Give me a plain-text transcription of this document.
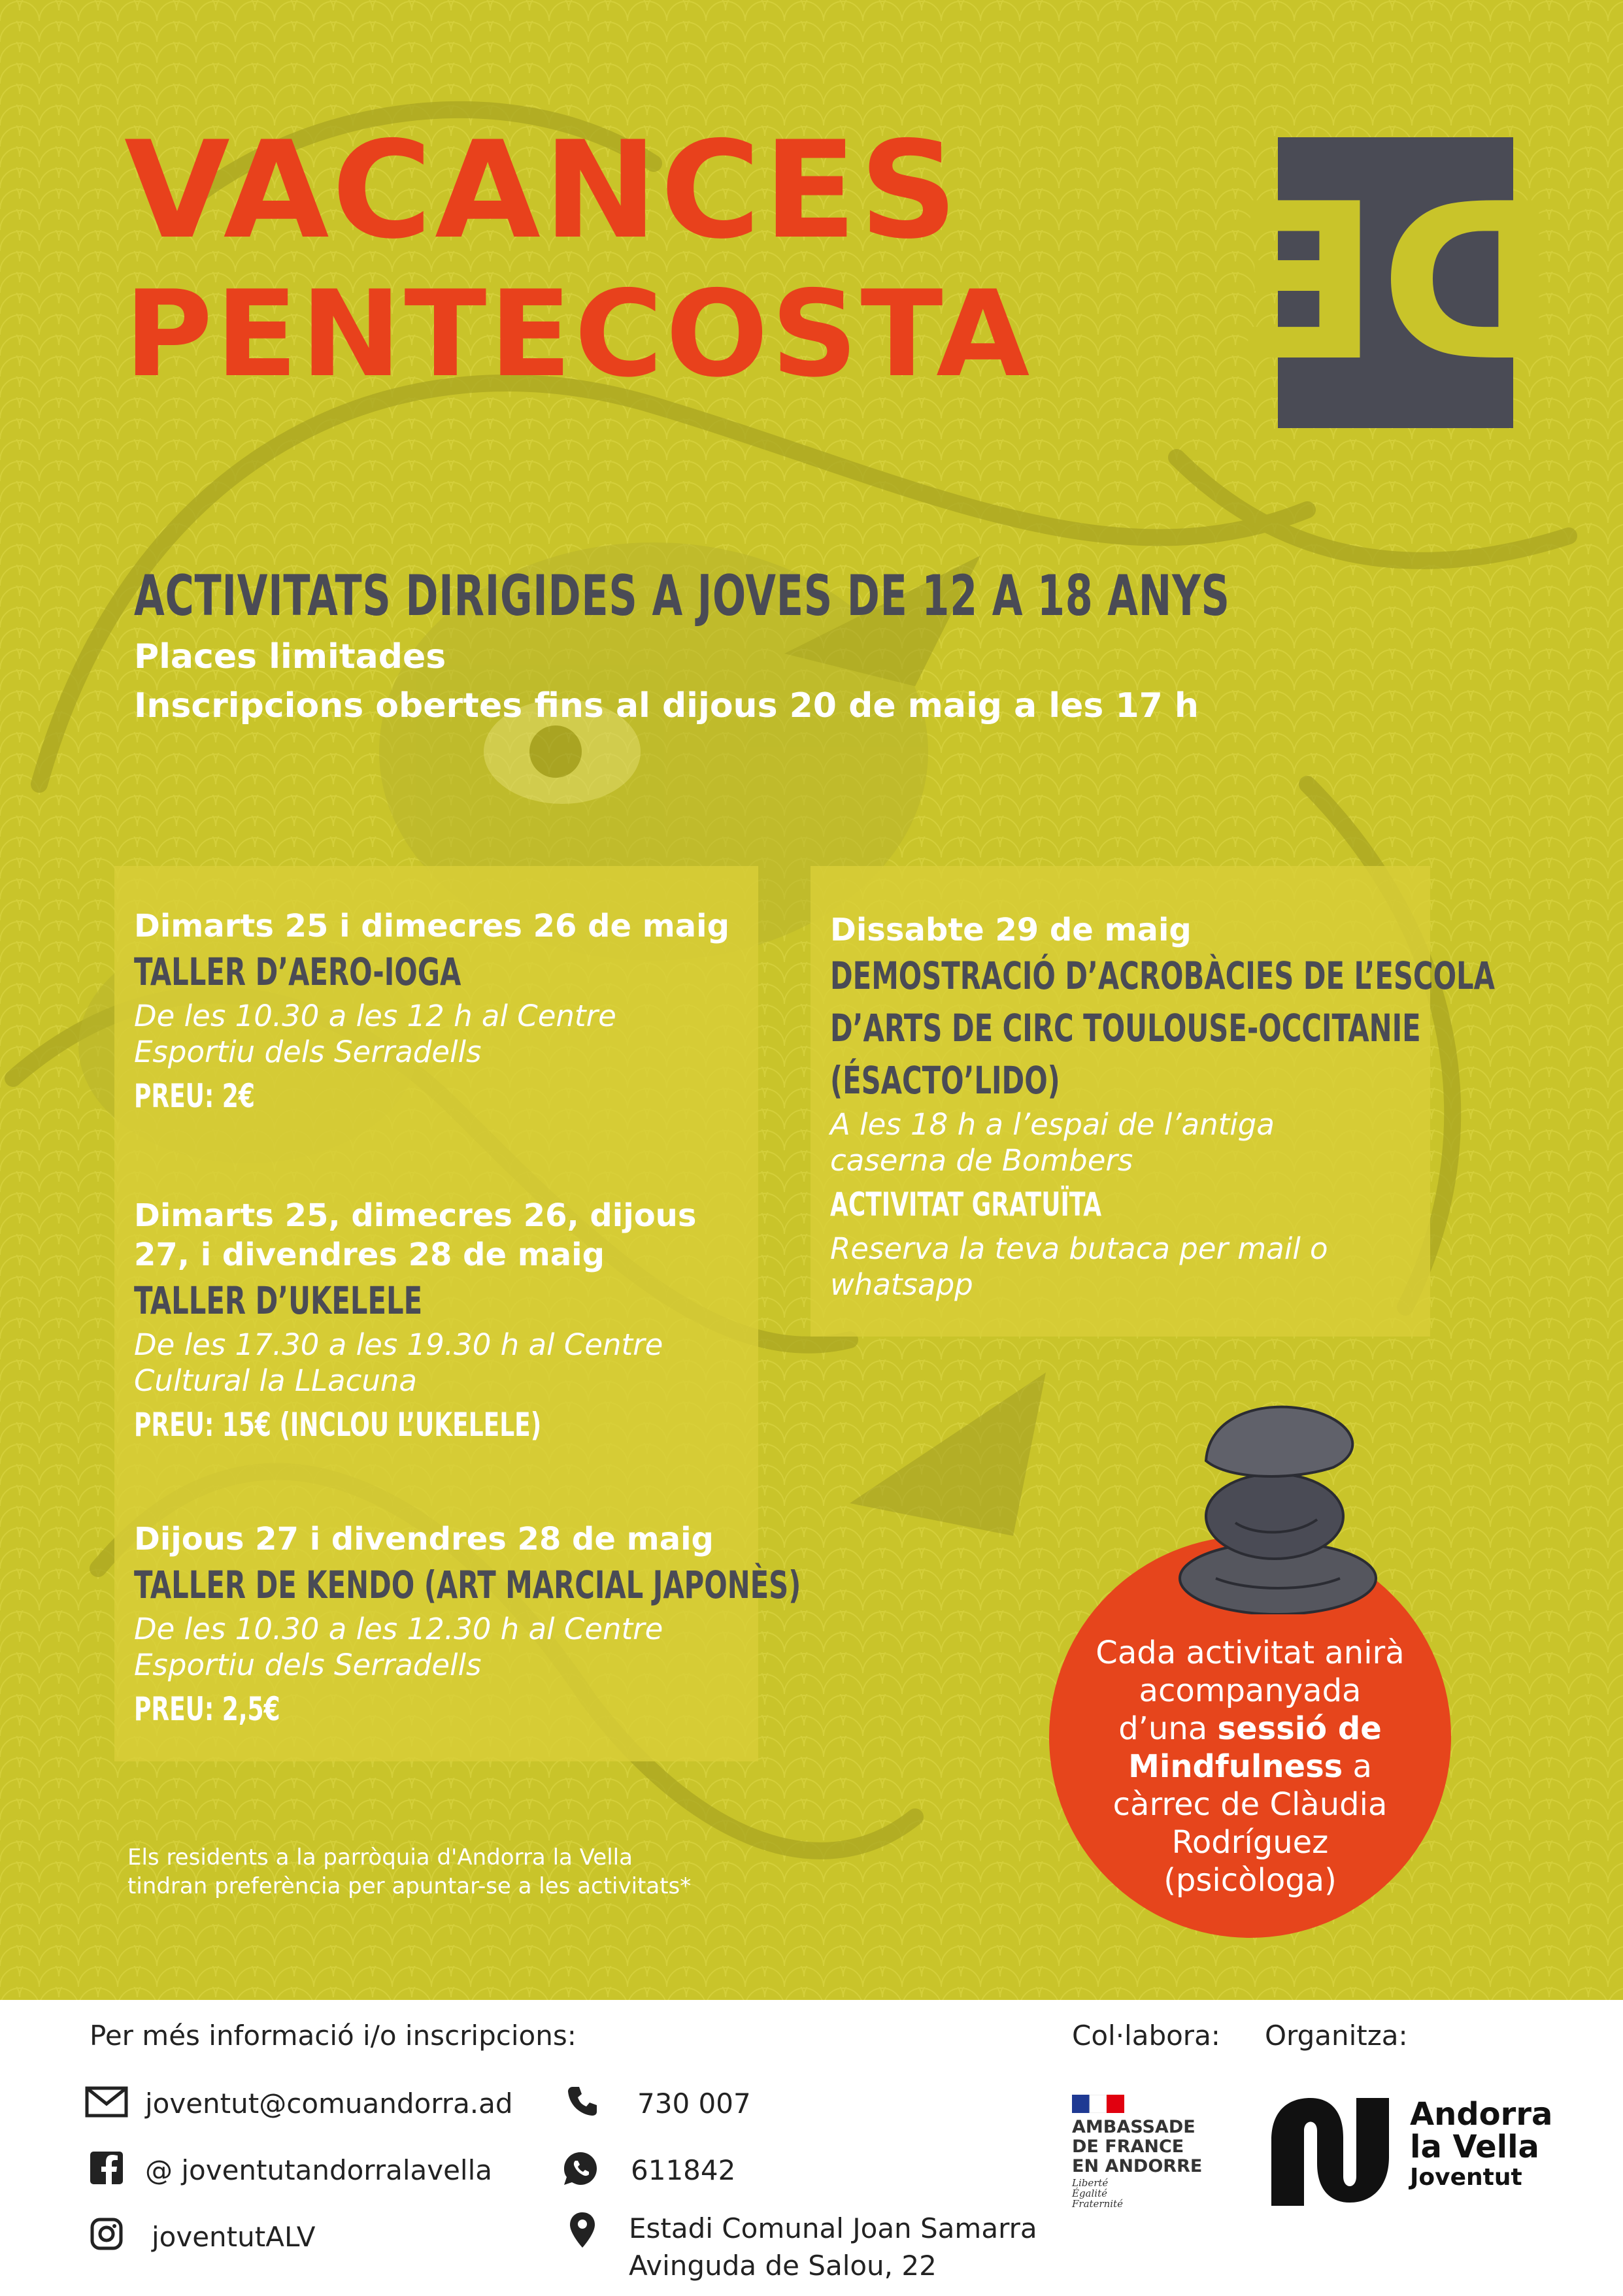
VACANCES
PENTECOSTA DE
ACTIVITATS DIRIGIDES A JOVES DE 12 A 18 ANYS
Places limitades
Inscripcions obertes fins al dijous 20 de maig a les 17 h
Dimarts 25 i dimecres 26 de maig
TALLER D’AERO-IOGA
De les 10.30 a les 12 h al Centre Esportiu dels Serradells
PREU: 2€
Dimarts 25, dimecres 26, dijous 27, i divendres 28 de maig
TALLER D’UKELELE
De les 17.30 a les 19.30 h al Centre Cultural la LLacuna
PREU: 15€ (INCLOU L’UKELELE)
Dijous 27 i divendres 28 de maig
TALLER DE KENDO (ART MARCIAL JAPONÈS)
De les 10.30 a les 12.30 h al Centre Esportiu dels Serradells
PREU: 2,5€
Dissabte 29 de maig
DEMOSTRACIÓ D’ACROBÀCIES DE L’ESCOLA
D’ARTS DE CIRC TOULOUSE-OCCITANIE
(ÉSACTO’LIDO)
A les 18 h a l’espai de l’antiga caserna de Bombers
ACTIVITAT GRATUÏTA
Reserva la teva butaca per mail o whatsapp
Els residents a la parròquia d'Andorra la Vella tindran preferència per apuntar-se a les activitats*
Cada activitat anirà
acompanyada
d’una sessió de
Mindfulness a
càrrec de Clàudia
Rodríguez
(psicòloga)
Per més informació i/o inscripcions:
joventut@comuandorra.ad
@ joventutandorralavella
joventutALV
730 007
611842
Estadi Comunal Joan Samarra
Avinguda de Salou, 22
Col·labora: Organitza:
AMBASSADE
DE FRANCE
EN ANDORRE
Liberté
Égalité
Fraternité
Andorra
la Vella
Joventut
